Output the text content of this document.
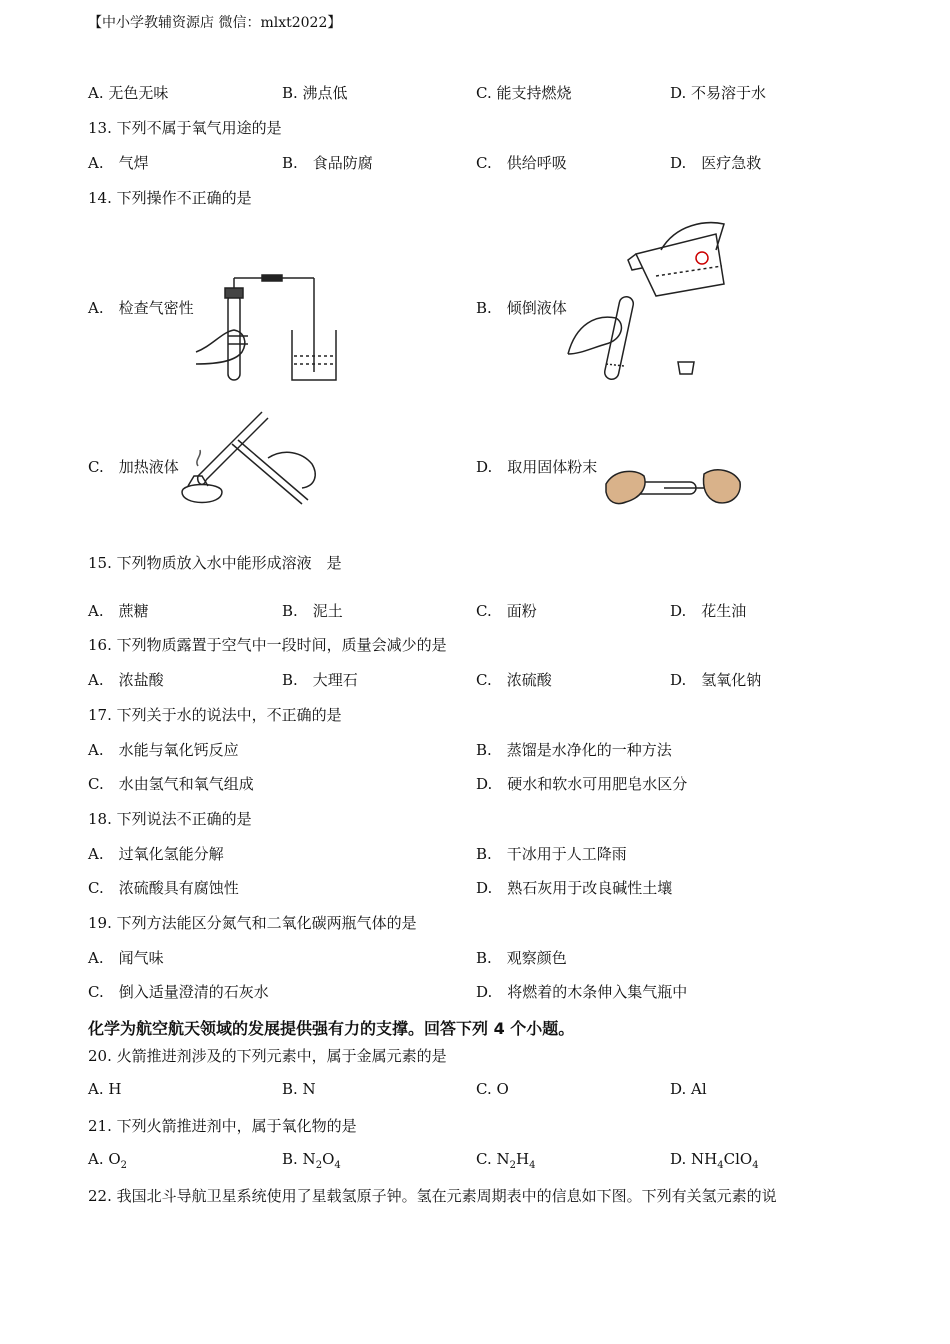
【中小学教辅资源店 微信：mlxt2022】
A. 无色无味	B. 沸点低	C. 能支持燃烧	D. 不易溶于水
13. 下列不属于氧气用途的是
A.　气焊	B.　食品防腐	C.　供给呼吸	D.　医疗急救
14. 下列操作不正确的是
A.　检查气密性	B.　倾倒液体
C.　加热液体	D.　取用固体粉末
15. 下列物质放入水中能形成溶液　是
A.　蔗糖	B.　泥土	C.　面粉	D.　花生油
16. 下列物质露置于空气中一段时间，质量会减少的是
A.　浓盐酸	B.　大理石	C.　浓硫酸	D.　氢氧化钠
17. 下列关于水的说法中，不正确的是
A.　水能与氧化钙反应	B.　蒸馏是水净化的一种方法
C.　水由氢气和氧气组成	D.　硬水和软水可用肥皂水区分
18. 下列说法不正确的是
A.　过氧化氢能分解	B.　干冰用于人工降雨
C.　浓硫酸具有腐蚀性	D.　熟石灰用于改良碱性土壤
19. 下列方法能区分氮气和二氧化碳两瓶气体的是
A.　闻气味	B.　观察颜色
C.　倒入适量澄清的石灰水	D.　将燃着的木条伸入集气瓶中
化学为航空航天领域的发展提供强有力的支撑。回答下列 4 个小题。
20. 火箭推进剂涉及的下列元素中，属于金属元素的是
A. H	B. N	C. O	D. Al
21. 下列火箭推进剂中，属于氧化物的是
A. $O_2$	B. $N_2O_4$	C. $N_2H_4$	D. $NH_4ClO_4$
22. 我国北斗导航卫星系统使用了星载氢原子钟。氢在元素周期表中的信息如下图。下列有关氢元素的说
